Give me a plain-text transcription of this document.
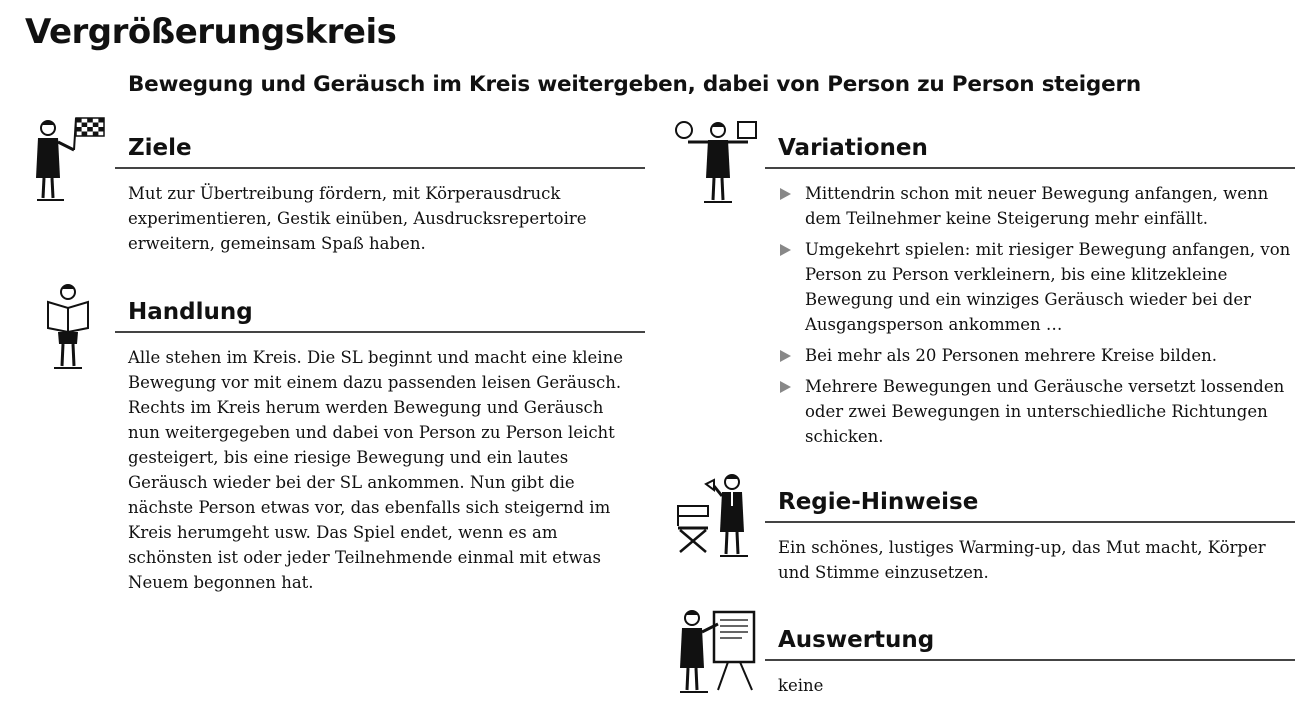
Vergrößerungskreis
Bewegung und Geräusch im Kreis weitergeben, dabei von Person zu Person steigern
Ziele
Mut zur Übertreibung fördern, mit Körperausdruck experimentieren, Gestik einüben, Ausdrucksrepertoire erweitern, gemeinsam Spaß haben.
Handlung
Alle stehen im Kreis. Die SL beginnt und macht eine kleine Bewegung vor mit einem dazu passenden leisen Geräusch. Rechts im Kreis herum werden Bewegung und Geräusch nun weitergegeben und dabei von Person zu Person leicht gesteigert, bis eine riesige Bewegung und ein lautes Geräusch wieder bei der SL ankommen. Nun gibt die nächste Person etwas vor, das ebenfalls sich steigernd im Kreis herumgeht usw. Das Spiel endet, wenn es am schönsten ist oder jeder Teilnehmende einmal mit etwas Neuem begonnen hat.
Variationen
Mittendrin schon mit neuer Bewegung anfangen, wenn dem Teilnehmer keine Steigerung mehr einfällt.
Umgekehrt spielen: mit riesiger Bewegung anfangen, von Person zu Person verkleinern, bis eine klitzekleine Bewegung und ein winziges Geräusch wieder bei der Ausgangsperson ankommen …
Bei mehr als 20 Personen mehrere Kreise bilden.
Mehrere Bewegungen und Geräusche versetzt lossenden oder zwei Bewegungen in unterschiedliche Richtungen schicken.
Regie-Hinweise
Ein schönes, lustiges Warming-up, das Mut macht, Körper und Stimme einzusetzen.
Auswertung
keine
